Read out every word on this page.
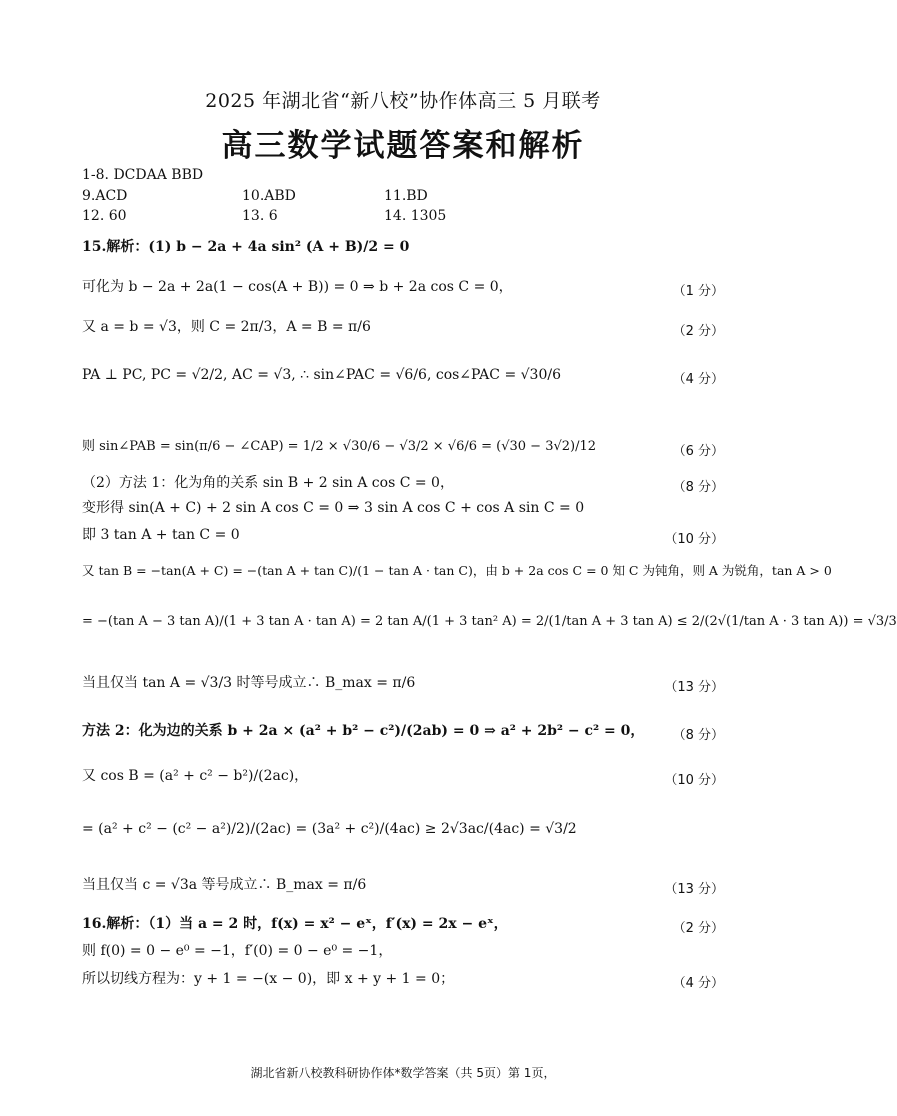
2025 年湖北省“新八校”协作体高三 5 月联考
高三数学试题答案和解析
1-8. DCDAA BBD
9.ACD	10.ABD	11.BD
12. 60	13. 6	14. 1305
15.解析：(1) b − 2a + 4a sin² (A + B)/2 = 0
可化为 b − 2a + 2a(1 − cos(A + B)) = 0 ⇒ b + 2a cos C = 0，	（1 分）
又 a = b = √3，则 C = 2π/3，A = B = π/6	（2 分）
PA ⊥ PC, PC = √2/2, AC = √3, ∴ sin∠PAC = √6/6, cos∠PAC = √30/6	（4 分）
则 sin∠PAB = sin(π/6 − ∠CAP) = 1/2 × √30/6 − √3/2 × √6/6 = (√30 − 3√2)/12	（6 分）
（2）方法 1：化为角的关系 sin B + 2 sin A cos C = 0，	（8 分）
变形得 sin(A + C) + 2 sin A cos C = 0 ⇒ 3 sin A cos C + cos A sin C = 0
即 3 tan A + tan C = 0	（10 分）
又 tan B = −tan(A + C) = −(tan A + tan C)/(1 − tan A · tan C)，由 b + 2a cos C = 0 知 C 为钝角，则 A 为锐角，tan A > 0
= −(tan A − 3 tan A)/(1 + 3 tan A · tan A) = 2 tan A/(1 + 3 tan² A) = 2/(1/tan A + 3 tan A) ≤ 2/(2√(1/tan A · 3 tan A)) = √3/3
当且仅当 tan A = √3/3 时等号成立∴ B_max = π/6	（13 分）
方法 2：化为边的关系 b + 2a × (a² + b² − c²)/(2ab) = 0 ⇒ a² + 2b² − c² = 0， （8 分）
又 cos B = (a² + c² − b²)/(2ac)，	（10 分）
= (a² + c² − (c² − a²)/2)/(2ac) = (3a² + c²)/(4ac) ≥ 2√3ac/(4ac) = √3/2
当且仅当 c = √3a 等号成立∴ B_max = π/6	（13 分）
16.解析：（1）当 a = 2 时，f(x) = x² − eˣ，f′(x) = 2x − eˣ，	（2 分）
则 f(0) = 0 − e⁰ = −1，f′(0) = 0 − e⁰ = −1，
所以切线方程为：y + 1 = −(x − 0)，即 x + y + 1 = 0；	（4 分）
湖北省新八校教科研协作体*数学答案（共 5页）第 1页，
